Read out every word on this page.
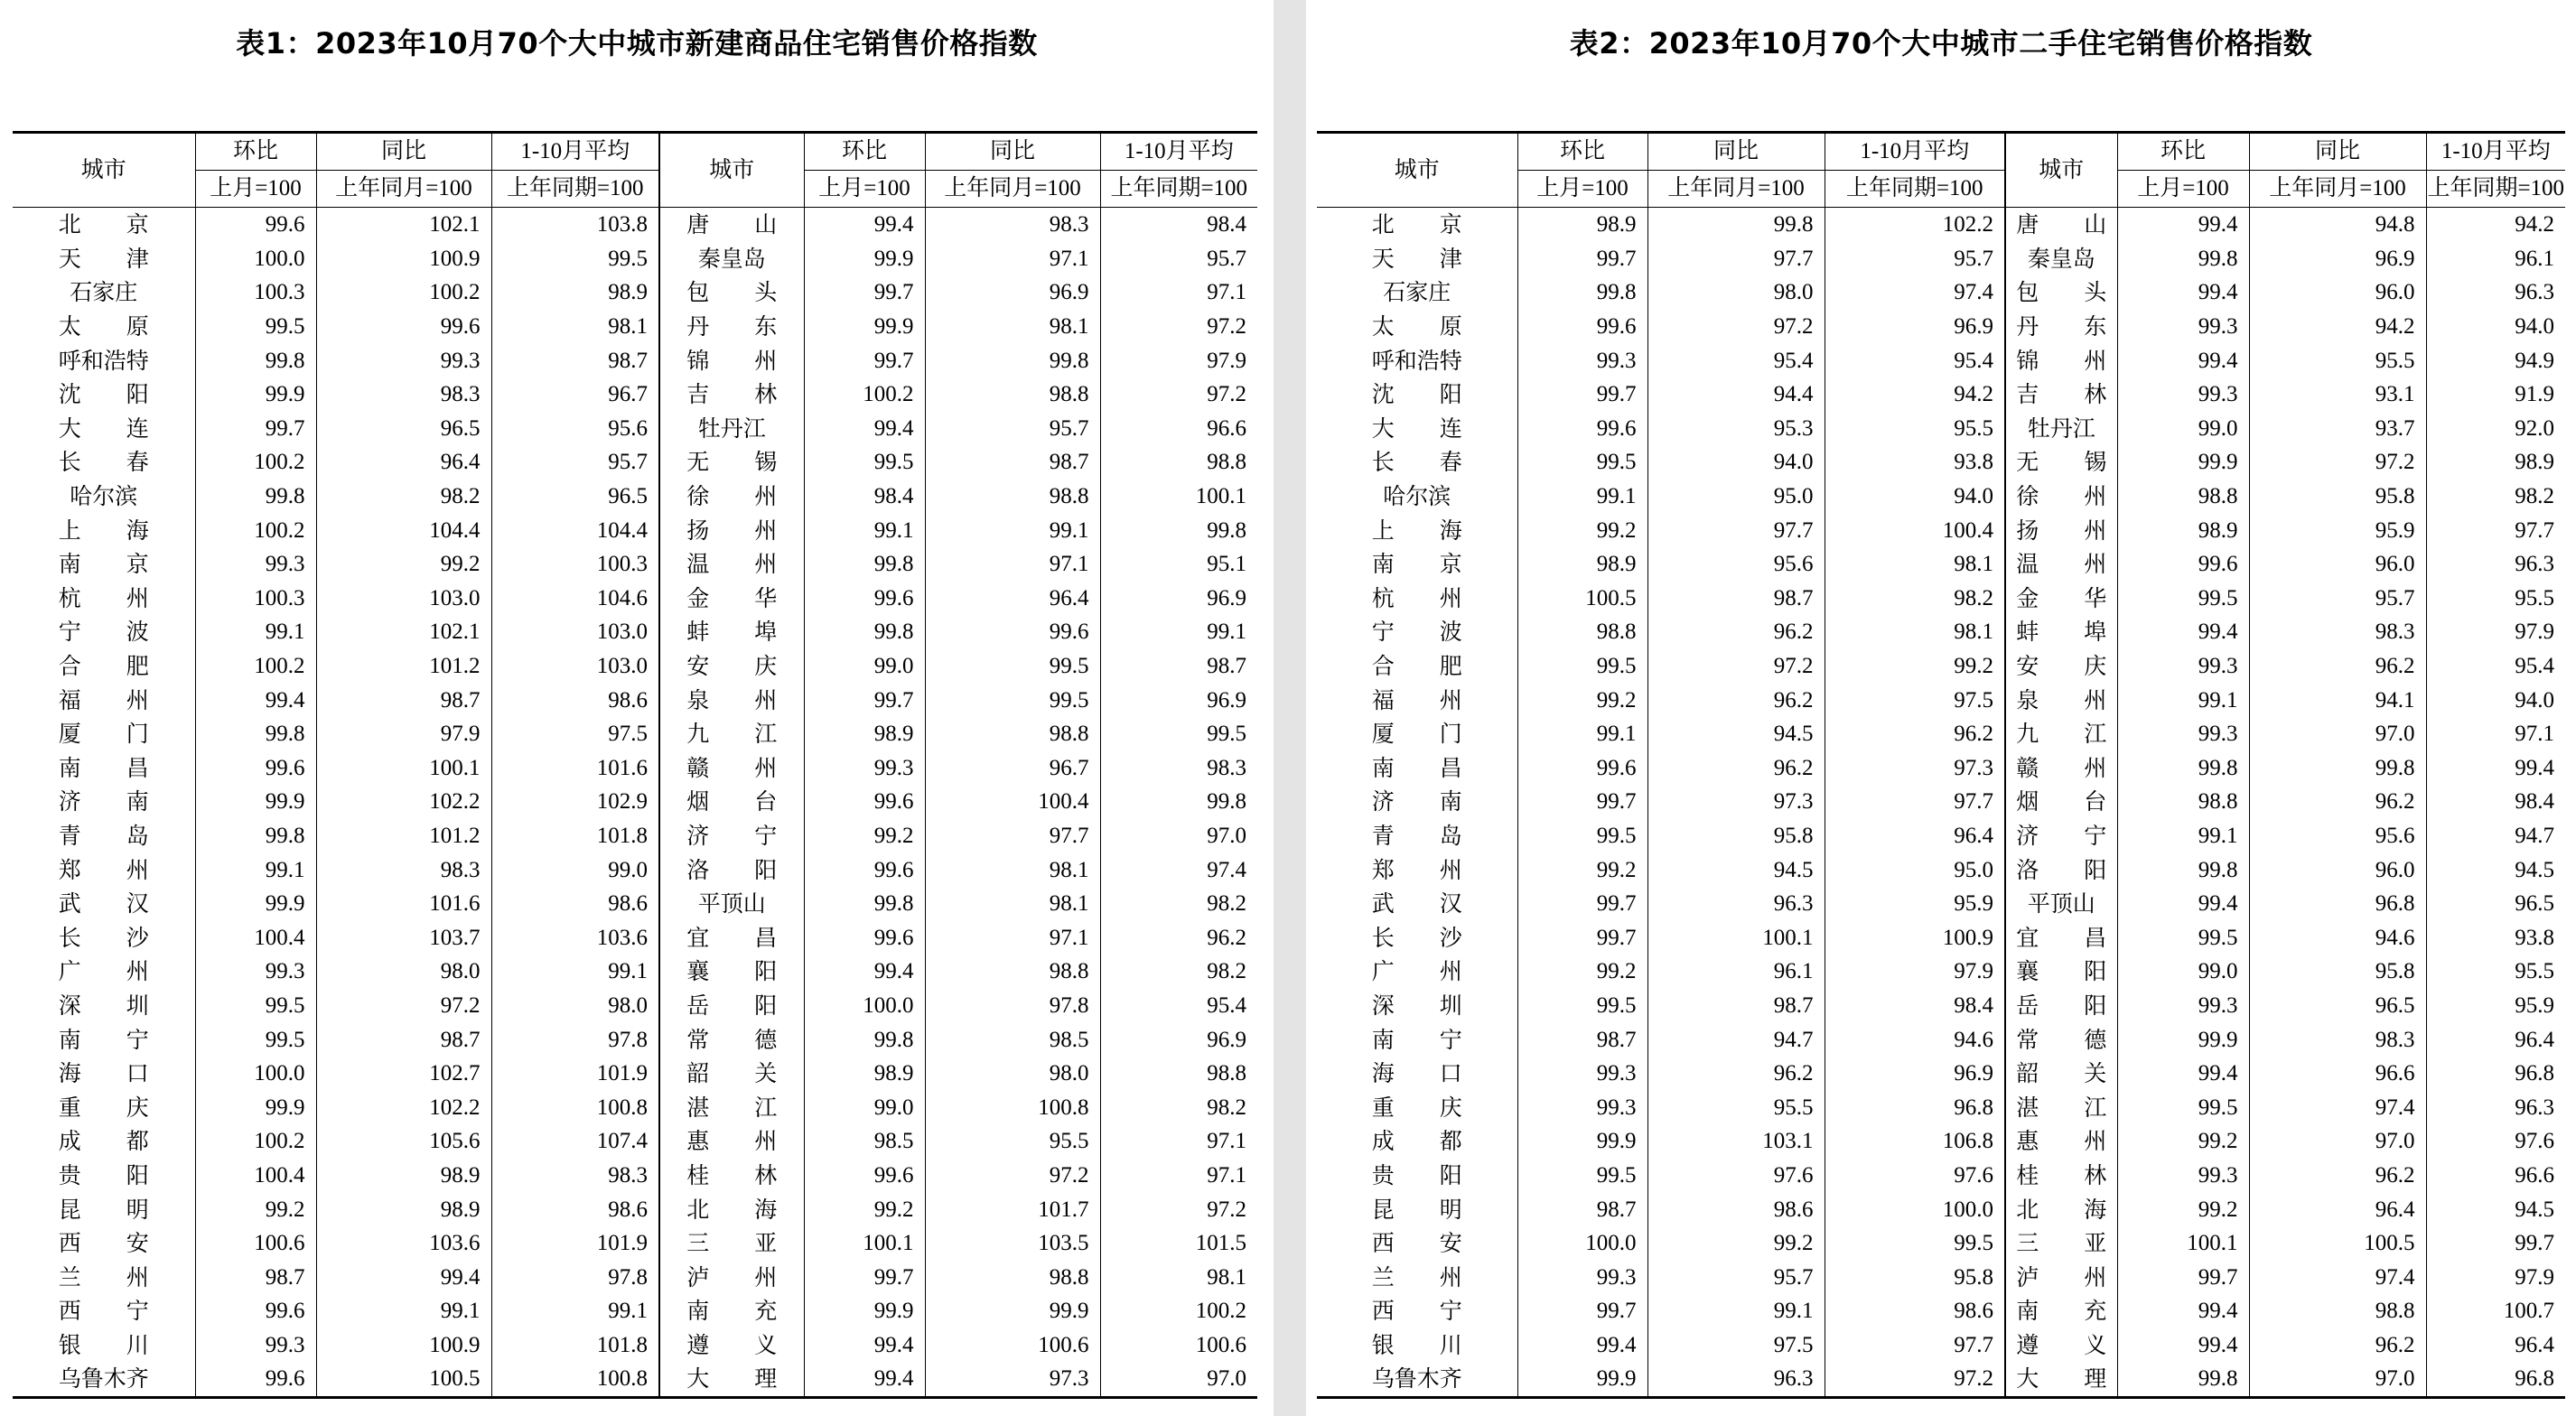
表1：2023年10月70个大中城市新建商品住宅销售价格指数
城市	环比	同比	1-10月平均	城市	环比	同比	1-10月平均
	上月=100	上年同月=100	上年同期=100		上月=100	上年同月=100	上年同期=100
北　　京	99.6	102.1	103.8	唐　　山	99.4	98.3	98.4
天　　津	100.0	100.9	99.5	秦皇岛	99.9	97.1	95.7
石家庄	100.3	100.2	98.9	包　　头	99.7	96.9	97.1
太　　原	99.5	99.6	98.1	丹　　东	99.9	98.1	97.2
呼和浩特	99.8	99.3	98.7	锦　　州	99.7	99.8	97.9
沈　　阳	99.9	98.3	96.7	吉　　林	100.2	98.8	97.2
大　　连	99.7	96.5	95.6	牡丹江	99.4	95.7	96.6
长　　春	100.2	96.4	95.7	无　　锡	99.5	98.7	98.8
哈尔滨	99.8	98.2	96.5	徐　　州	98.4	98.8	100.1
上　　海	100.2	104.4	104.4	扬　　州	99.1	99.1	99.8
南　　京	99.3	99.2	100.3	温　　州	99.8	97.1	95.1
杭　　州	100.3	103.0	104.6	金　　华	99.6	96.4	96.9
宁　　波	99.1	102.1	103.0	蚌　　埠	99.8	99.6	99.1
合　　肥	100.2	101.2	103.0	安　　庆	99.0	99.5	98.7
福　　州	99.4	98.7	98.6	泉　　州	99.7	99.5	96.9
厦　　门	99.8	97.9	97.5	九　　江	98.9	98.8	99.5
南　　昌	99.6	100.1	101.6	赣　　州	99.3	96.7	98.3
济　　南	99.9	102.2	102.9	烟　　台	99.6	100.4	99.8
青　　岛	99.8	101.2	101.8	济　　宁	99.2	97.7	97.0
郑　　州	99.1	98.3	99.0	洛　　阳	99.6	98.1	97.4
武　　汉	99.9	101.6	98.6	平顶山	99.8	98.1	98.2
长　　沙	100.4	103.7	103.6	宜　　昌	99.6	97.1	96.2
广　　州	99.3	98.0	99.1	襄　　阳	99.4	98.8	98.2
深　　圳	99.5	97.2	98.0	岳　　阳	100.0	97.8	95.4
南　　宁	99.5	98.7	97.8	常　　德	99.8	98.5	96.9
海　　口	100.0	102.7	101.9	韶　　关	98.9	98.0	98.8
重　　庆	99.9	102.2	100.8	湛　　江	99.0	100.8	98.2
成　　都	100.2	105.6	107.4	惠　　州	98.5	95.5	97.1
贵　　阳	100.4	98.9	98.3	桂　　林	99.6	97.2	97.1
昆　　明	99.2	98.9	98.6	北　　海	99.2	101.7	97.2
西　　安	100.6	103.6	101.9	三　　亚	100.1	103.5	101.5
兰　　州	98.7	99.4	97.8	泸　　州	99.7	98.8	98.1
西　　宁	99.6	99.1	99.1	南　　充	99.9	99.9	100.2
银　　川	99.3	100.9	101.8	遵　　义	99.4	100.6	100.6
乌鲁木齐	99.6	100.5	100.8	大　　理	99.4	97.3	97.0
表2：2023年10月70个大中城市二手住宅销售价格指数
城市	环比	同比	1-10月平均	城市	环比	同比	1-10月平均
	上月=100	上年同月=100	上年同期=100		上月=100	上年同月=100	上年同期=100
北　　京	98.9	99.8	102.2	唐　　山	99.4	94.8	94.2
天　　津	99.7	97.7	95.7	秦皇岛	99.8	96.9	96.1
石家庄	99.8	98.0	97.4	包　　头	99.4	96.0	96.3
太　　原	99.6	97.2	96.9	丹　　东	99.3	94.2	94.0
呼和浩特	99.3	95.4	95.4	锦　　州	99.4	95.5	94.9
沈　　阳	99.7	94.4	94.2	吉　　林	99.3	93.1	91.9
大　　连	99.6	95.3	95.5	牡丹江	99.0	93.7	92.0
长　　春	99.5	94.0	93.8	无　　锡	99.9	97.2	98.9
哈尔滨	99.1	95.0	94.0	徐　　州	98.8	95.8	98.2
上　　海	99.2	97.7	100.4	扬　　州	98.9	95.9	97.7
南　　京	98.9	95.6	98.1	温　　州	99.6	96.0	96.3
杭　　州	100.5	98.7	98.2	金　　华	99.5	95.7	95.5
宁　　波	98.8	96.2	98.1	蚌　　埠	99.4	98.3	97.9
合　　肥	99.5	97.2	99.2	安　　庆	99.3	96.2	95.4
福　　州	99.2	96.2	97.5	泉　　州	99.1	94.1	94.0
厦　　门	99.1	94.5	96.2	九　　江	99.3	97.0	97.1
南　　昌	99.6	96.2	97.3	赣　　州	99.8	99.8	99.4
济　　南	99.7	97.3	97.7	烟　　台	98.8	96.2	98.4
青　　岛	99.5	95.8	96.4	济　　宁	99.1	95.6	94.7
郑　　州	99.2	94.5	95.0	洛　　阳	99.8	96.0	94.5
武　　汉	99.7	96.3	95.9	平顶山	99.4	96.8	96.5
长　　沙	99.7	100.1	100.9	宜　　昌	99.5	94.6	93.8
广　　州	99.2	96.1	97.9	襄　　阳	99.0	95.8	95.5
深　　圳	99.5	98.7	98.4	岳　　阳	99.3	96.5	95.9
南　　宁	98.7	94.7	94.6	常　　德	99.9	98.3	96.4
海　　口	99.3	96.2	96.9	韶　　关	99.4	96.6	96.8
重　　庆	99.3	95.5	96.8	湛　　江	99.5	97.4	96.3
成　　都	99.9	103.1	106.8	惠　　州	99.2	97.0	97.6
贵　　阳	99.5	97.6	97.6	桂　　林	99.3	96.2	96.6
昆　　明	98.7	98.6	100.0	北　　海	99.2	96.4	94.5
西　　安	100.0	99.2	99.5	三　　亚	100.1	100.5	99.7
兰　　州	99.3	95.7	95.8	泸　　州	99.7	97.4	97.9
西　　宁	99.7	99.1	98.6	南　　充	99.4	98.8	100.7
银　　川	99.4	97.5	97.7	遵　　义	99.4	96.2	96.4
乌鲁木齐	99.9	96.3	97.2	大　　理	99.8	97.0	96.8
